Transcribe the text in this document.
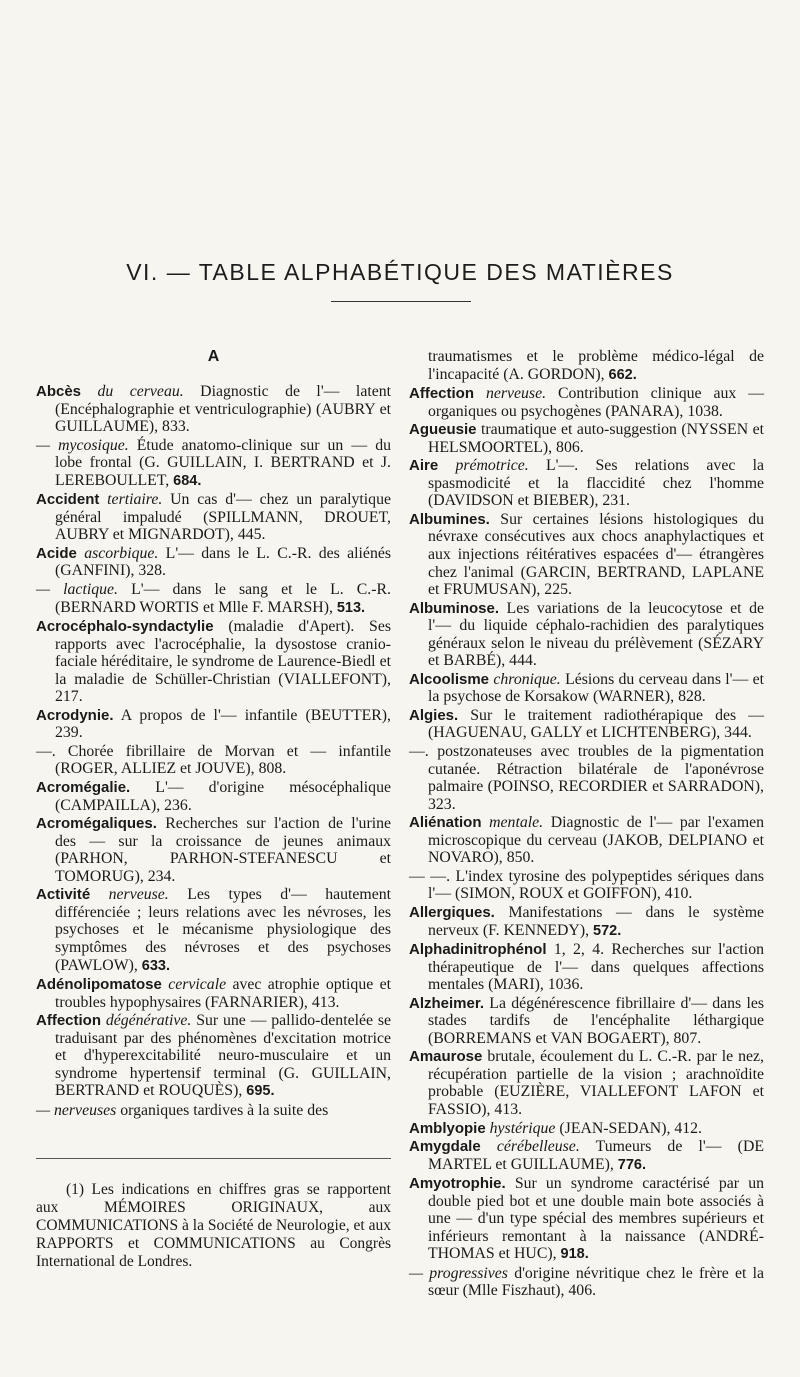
VI. — TABLE ALPHABÉTIQUE DES MATIÈRES
A

Abcès du cerveau. Diagnostic de l'— latent (Encéphalographie et ventriculographie) (AUBRY et GUILLAUME), 833.

— mycosique. Étude anatomo-clinique sur un — du lobe frontal (G. GUILLAIN, I. BERTRAND et J. LEREBOULLET, 684.

Accident tertiaire. Un cas d'— chez un paralytique général impaludé (SPILLMANN, DROUET, AUBRY et MIGNARDOT), 445.

Acide ascorbique. L'— dans le L. C.-R. des aliénés (GANFINI), 328.

— lactique. L'— dans le sang et le L. C.-R. (BERNARD WORTIS et Mlle F. MARSH), 513.

Acrocéphalo-syndactylie (maladie d'Apert). Ses rapports avec l'acrocéphalie, la dysostose cranio-faciale héréditaire, le syndrome de Laurence-Biedl et la maladie de Schüller-Christian (VIALLEFONT), 217.

Acrodynie. A propos de l'— infantile (BEUTTER), 239.

—. Chorée fibrillaire de Morvan et — infantile (ROGER, ALLIEZ et JOUVE), 808.

Acromégalie. L'— d'origine mésocéphalique (CAMPAILLA), 236.

Acromégaliques. Recherches sur l'action de l'urine des — sur la croissance de jeunes animaux (PARHON, PARHON-STEFANESCU et TOMORUG), 234.

Activité nerveuse. Les types d'— hautement différenciée ; leurs relations avec les névroses, les psychoses et le mécanisme physiologique des symptômes des névroses et des psychoses (PAWLOW), 633.

Adénolipomatose cervicale avec atrophie optique et troubles hypophysaires (FARNARIER), 413.

Affection dégénérative. Sur une — pallido-dentelée se traduisant par des phénomènes d'excitation motrice et d'hyperexcitabilité neuro-musculaire et un syndrome hypertensif terminal (G. GUILLAIN, BERTRAND et ROUQUÈS), 695.

— nerveuses organiques tardives à la suite des

traumatismes et le problème médico-légal de l'incapacité (A. GORDON), 662.

Affection nerveuse. Contribution clinique aux — organiques ou psychogènes (PANARA), 1038.

Agueusie traumatique et auto-suggestion (NYSSEN et HELSMOORTEL), 806.

Aire prémotrice. L'—. Ses relations avec la spasmodicité et la flaccidité chez l'homme (DAVIDSON et BIEBER), 231.

Albumines. Sur certaines lésions histologiques du névraxe consécutives aux chocs anaphylactiques et aux injections réitératives espacées d'— étrangères chez l'animal (GARCIN, BERTRAND, LAPLANE et FRUMUSAN), 225.

Albuminose. Les variations de la leucocytose et de l'— du liquide céphalo-rachidien des paralytiques généraux selon le niveau du prélèvement (SÉZARY et BARBÉ), 444.

Alcoolisme chronique. Lésions du cerveau dans l'— et la psychose de Korsakow (WARNER), 828.

Algies. Sur le traitement radiothérapique des — (HAGUENAU, GALLY et LICHTENBERG), 344.

—. postzonateuses avec troubles de la pigmentation cutanée. Rétraction bilatérale de l'aponévrose palmaire (POINSO, RECORDIER et SARRADON), 323.

Aliénation mentale. Diagnostic de l'— par l'examen microscopique du cerveau (JAKOB, DELPIANO et NOVARO), 850.

— —. L'index tyrosine des polypeptides sériques dans l'— (SIMON, ROUX et GOIFFON), 410.

Allergiques. Manifestations — dans le système nerveux (F. KENNEDY), 572.

Alphadinitrophénol 1, 2, 4. Recherches sur l'action thérapeutique de l'— dans quelques affections mentales (MARI), 1036.

Alzheimer. La dégénérescence fibrillaire d'— dans les stades tardifs de l'encéphalite léthargique (BORREMANS et VAN BOGAERT), 807.

Amaurose brutale, écoulement du L. C.-R. par le nez, récupération partielle de la vision ; arachnoïdite probable (EUZIÈRE, VIALLEFONT LAFON et FASSIO), 413.

Amblyopie hystérique (JEAN-SEDAN), 412.

Amygdale cérébelleuse. Tumeurs de l'— (DE MARTEL et GUILLAUME), 776.

Amyotrophie. Sur un syndrome caractérisé par un double pied bot et une double main bote associés à une — d'un type spécial des membres supérieurs et inférieurs remontant à la naissance (ANDRÉ-THOMAS et HUC), 918.

— progressives d'origine névritique chez le frère et la sœur (Mlle Fiszhaut), 406.

(1) Les indications en chiffres gras se rapportent aux MÉMOIRES ORIGINAUX, aux COMMUNICATIONS à la Société de Neurologie, et aux RAPPORTS et COMMUNICATIONS au Congrès International de Londres.
